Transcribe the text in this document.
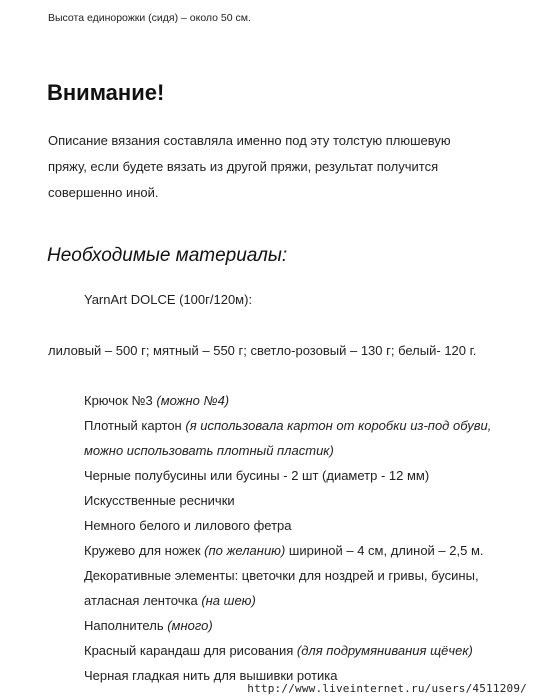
Высота единорожки (сидя) – около 50 см.
Внимание!
Описание вязания составляла именно под эту толстую плюшевую
пряжу, если будете вязать из другой пряжи, результат получится
совершенно иной.
Необходимые материалы:
YarnArt DOLCE (100г/120м):
лиловый – 500 г; мятный – 550 г; светло-розовый – 130 г; белый- 120 г.
Крючок №3 (можно №4)
Плотный картон (я использовала картон от коробки из-под обуви,
можно использовать плотный пластик)
Черные полубусины или бусины - 2 шт (диаметр - 12 мм)
Искусственные реснички
Немного белого и лилового фетра
Кружево для ножек (по желанию) шириной – 4 см, длиной – 2,5 м.
Декоративные элементы: цветочки для ноздрей и гривы, бусины,
атласная ленточка (на шею)
Наполнитель (много)
Красный карандаш для рисования (для подрумянивания щёчек)
Черная гладкая нить для вышивки ротика
http://www.liveinternet.ru/users/4511209/
